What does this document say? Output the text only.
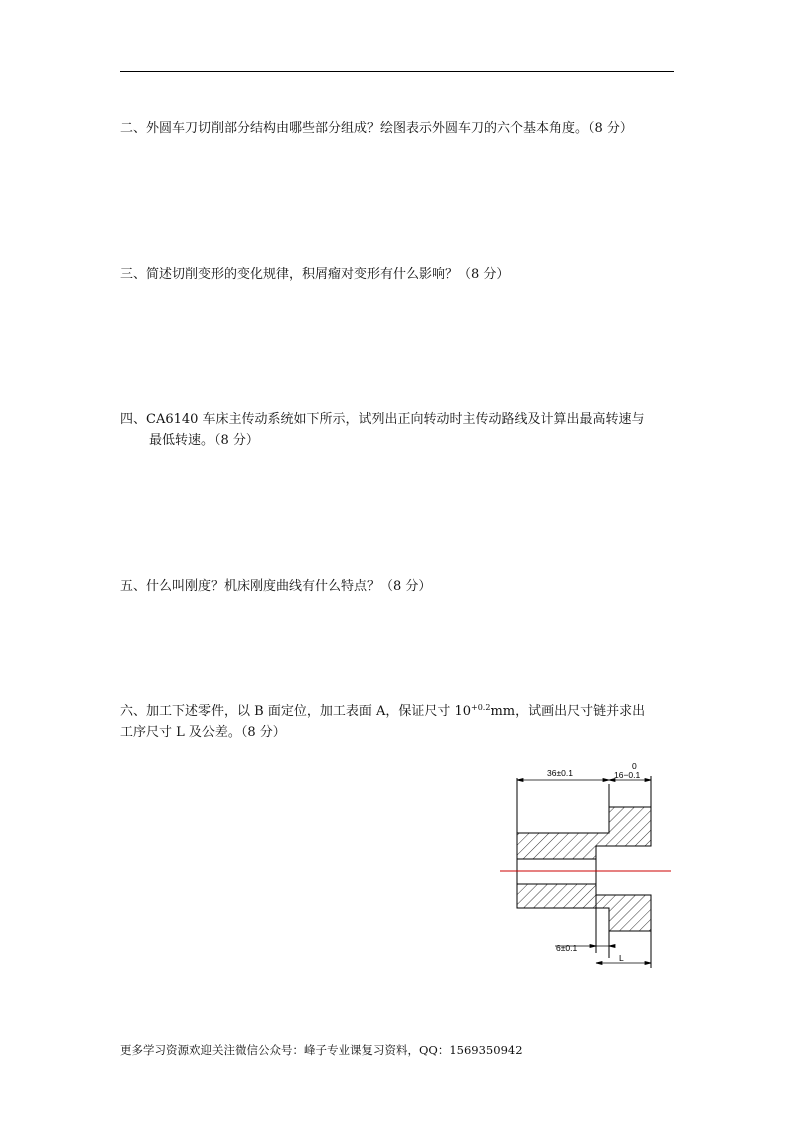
二、外圆车刀切削部分结构由哪些部分组成？绘图表示外圆车刀的六个基本角度。（8 分）
三、简述切削变形的变化规律，积屑瘤对变形有什么影响？（8 分）
四、CA6140 车床主传动系统如下所示，试列出正向转动时主传动路线及计算出最高转速与
最低转速。（8 分）
五、什么叫刚度？机床刚度曲线有什么特点？（8 分）
六、加工下述零件，以 B 面定位，加工表面 A，保证尺寸 $10^{+0.2}mm$，试画出尺寸链并求出
工序尺寸 L 及公差。（8 分）
36±0.1
0
16−0.1
6±0.1
L
更多学习资源欢迎关注微信公众号：峰子专业课复习资料，QQ：1569350942
